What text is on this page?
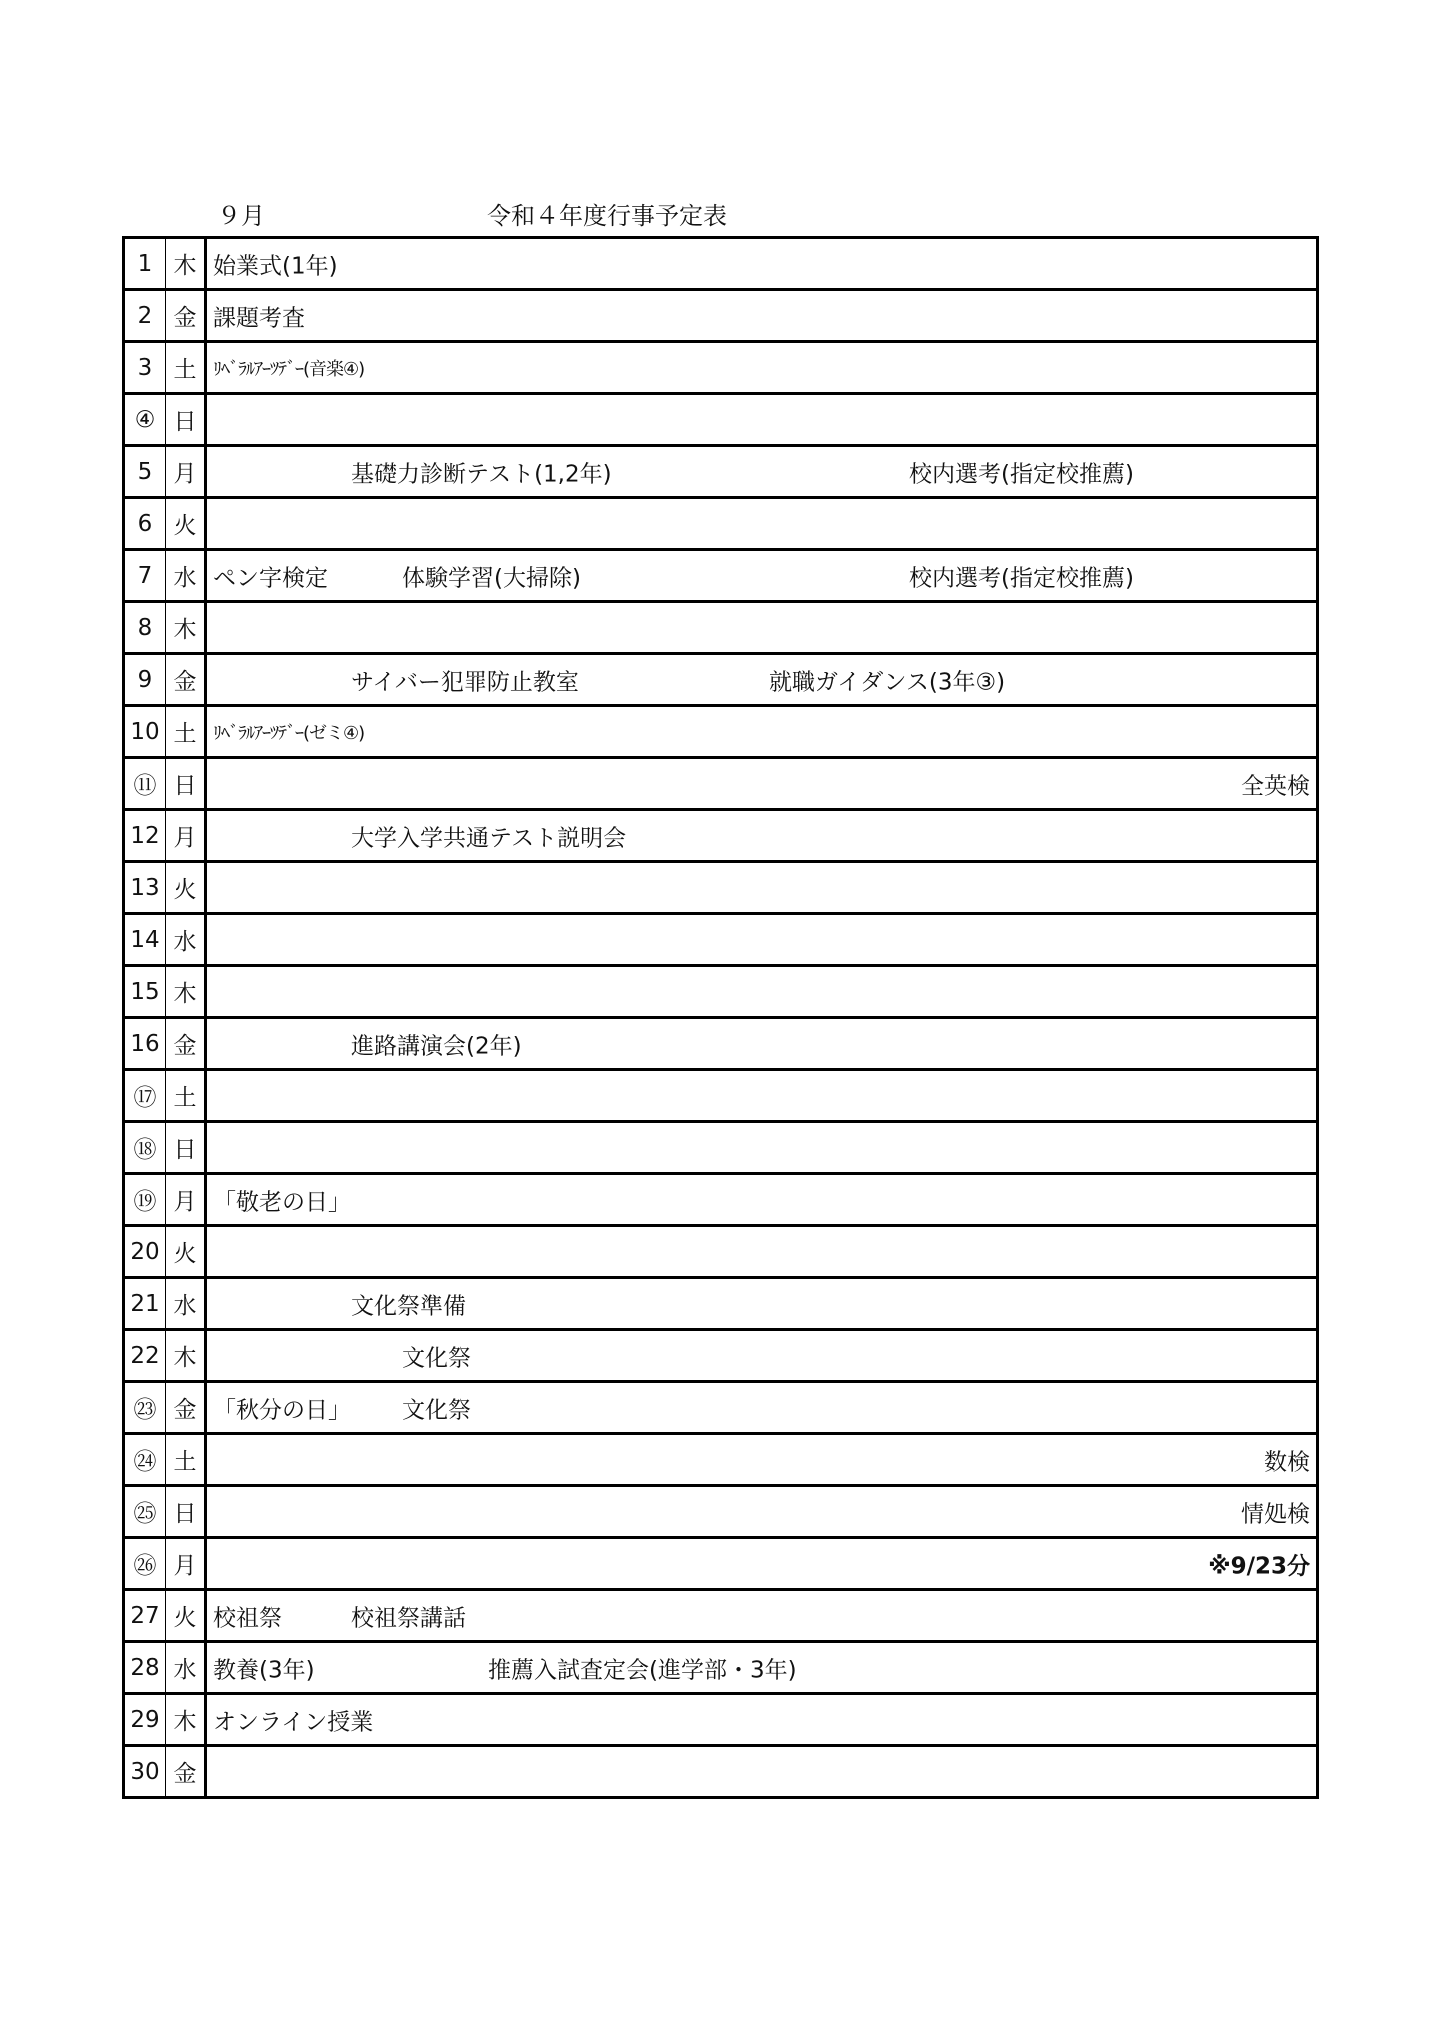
９月	令和４年度行事予定表
1	木	始業式(1年)

2	金	課題考査

3	土	ﾘﾍﾞﾗﾙｱｰﾂﾃﾞｰ(音楽④)

④	日	
5	月	基礎力診断テスト(1,2年) 校内選考(指定校推薦)

6	火	
7	水	ペン字検定 体験学習(大掃除) 校内選考(指定校推薦)

8	木	
9	金	サイバー犯罪防止教室 就職ガイダンス(3年③)

10	土	ﾘﾍﾞﾗﾙｱｰﾂﾃﾞｰ(ゼミ④)

⑪	日	全英検

12	月	大学入学共通テスト説明会

13	火	
14	水	
15	木	
16	金	進路講演会(2年)

⑰	土	
⑱	日	
⑲	月	「敬老の日」

20	火	
21	水	文化祭準備

22	木	文化祭

㉓	金	「秋分の日」 文化祭

㉔	土	数検

㉕	日	情処検

㉖	月	※9/23分

27	火	校祖祭 校祖祭講話

28	水	教養(3年) 推薦入試査定会(進学部・3年)

29	木	オンライン授業

30	金	
